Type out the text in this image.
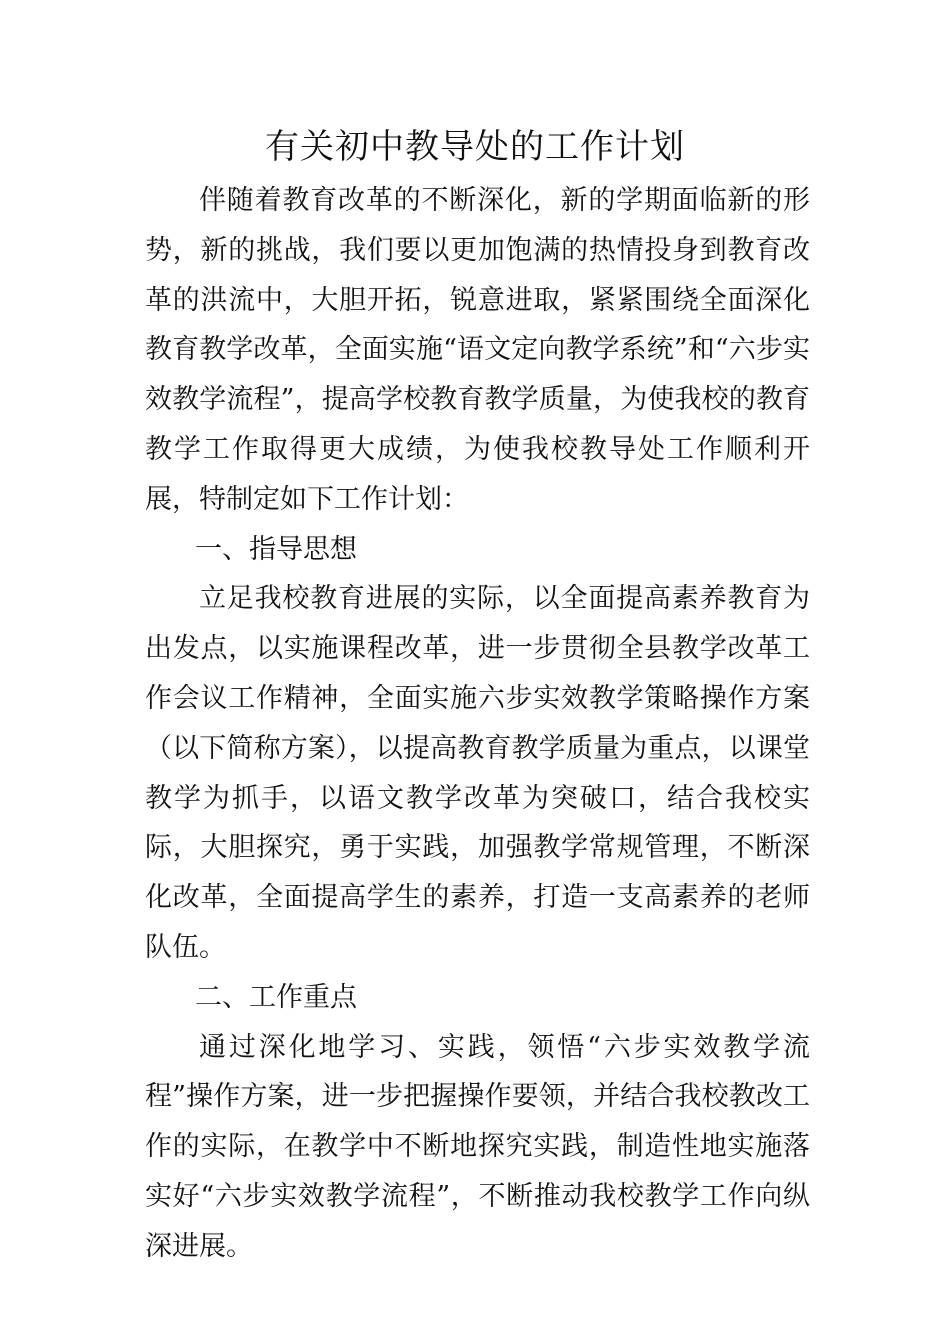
有关初中教导处的工作计划

伴随着教育改革的不断深化，新的学期面临新的形势，新的挑战，我们要以更加饱满的热情投身到教育改革的洪流中，大胆开拓，锐意进取，紧紧围绕全面深化教育教学改革，全面实施“语文定向教学系统”和“六步实效教学流程”，提高学校教育教学质量，为使我校的教育教学工作取得更大成绩，为使我校教导处工作顺利开展，特制定如下工作计划：

一、指导思想

立足我校教育进展的实际，以全面提高素养教育为出发点，以实施课程改革，进一步贯彻全县教学改革工作会议工作精神，全面实施六步实效教学策略操作方案（以下简称方案），以提高教育教学质量为重点，以课堂教学为抓手，以语文教学改革为突破口，结合我校实际，大胆探究，勇于实践，加强教学常规管理，不断深化改革，全面提高学生的素养，打造一支高素养的老师队伍。

二、工作重点

通过深化地学习、实践，领悟“六步实效教学流程”操作方案，进一步把握操作要领，并结合我校教改工作的实际，在教学中不断地探究实践，制造性地实施落实好“六步实效教学流程”，不断推动我校教学工作向纵深进展。
